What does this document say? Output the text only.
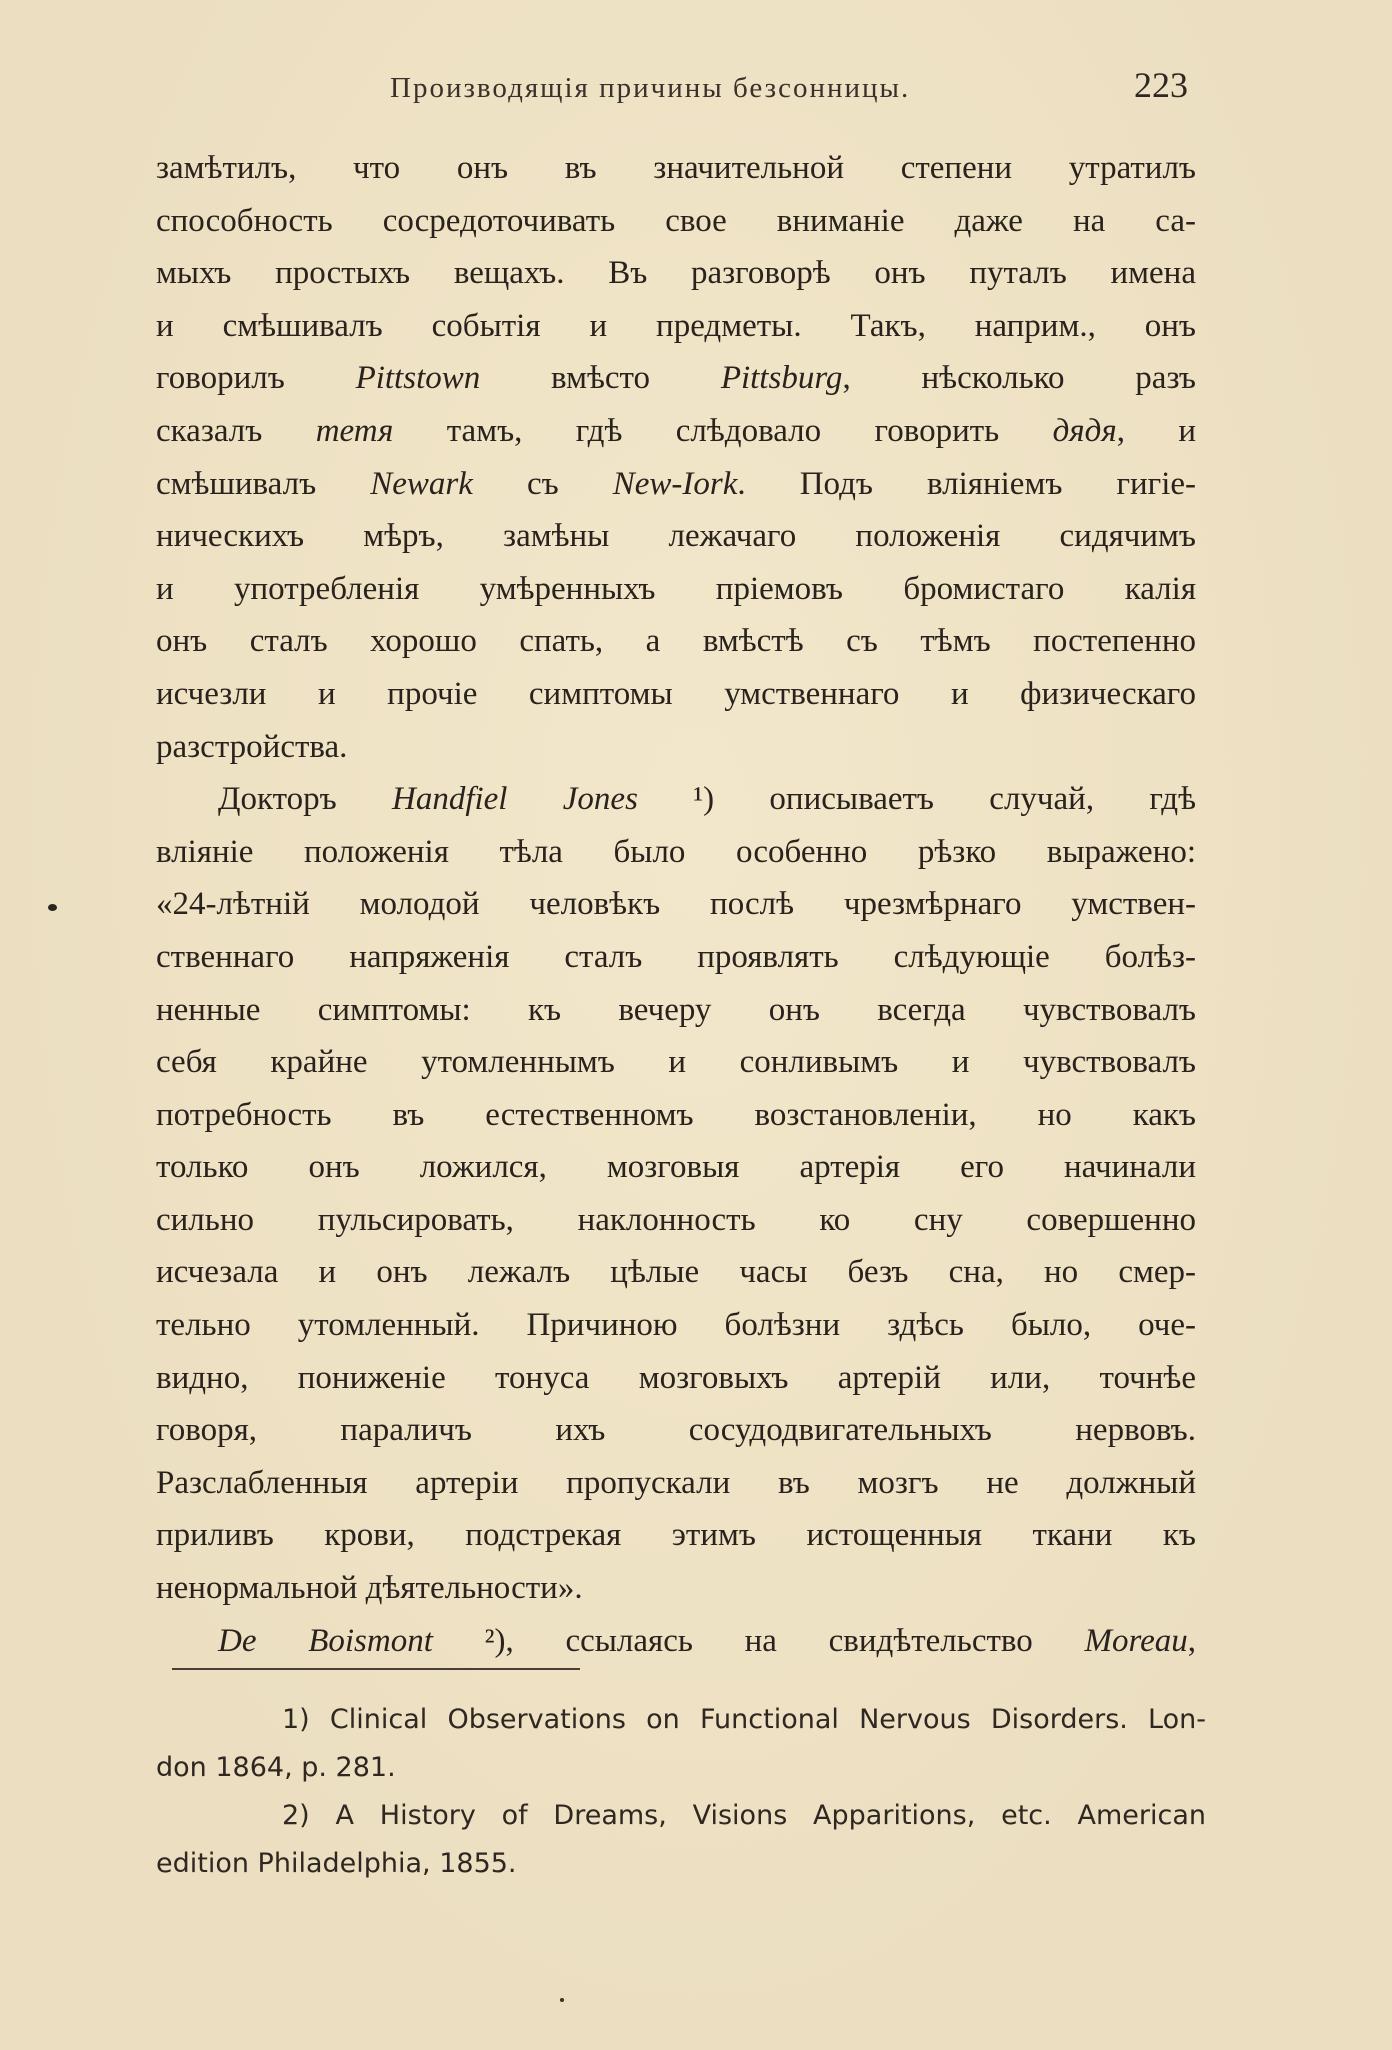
Производящія причины безсонницы.	223
замѣтилъ, что онъ въ значительной степени утратилъ
способность сосредоточивать свое вниманіе даже на са-
мыхъ простыхъ вещахъ. Въ разговорѣ онъ путалъ имена
и смѣшивалъ событія и предметы. Такъ, наприм., онъ
говорилъ Pittstown вмѣсто Pittsburg, нѣсколько разъ
сказалъ тетя тамъ, гдѣ слѣдовало говорить дядя, и
смѣшивалъ Newark съ New-Iork. Подъ вліяніемъ гигіе-
ническихъ мѣръ, замѣны лежачаго положенія сидячимъ
и употребленія умѣренныхъ пріемовъ бромистаго калія
онъ сталъ хорошо спать, а вмѣстѣ съ тѣмъ постепенно
исчезли и прочіе симптомы умственнаго и физическаго
разстройства.
Докторъ Handfiel Jones ¹) описываетъ случай, гдѣ
вліяніе положенія тѣла было особенно рѣзко выражено:
«24-лѣтній молодой человѣкъ послѣ чрезмѣрнаго умствен-
ственнаго напряженія сталъ проявлять слѣдующіе болѣз-
ненные симптомы: къ вечеру онъ всегда чувствовалъ
себя крайне утомленнымъ и сонливымъ и чувствовалъ
потребность въ естественномъ возстановленіи, но какъ
только онъ ложился, мозговыя артерія его начинали
сильно пульсировать, наклонность ко сну совершенно
исчезала и онъ лежалъ цѣлые часы безъ сна, но смер-
тельно утомленный. Причиною болѣзни здѣсь было, оче-
видно, пониженіе тонуса мозговыхъ артерій или, точнѣе
говоря, параличъ ихъ сосудодвигательныхъ нервовъ.
Разслабленныя артеріи пропускали въ мозгъ не должный
приливъ крови, подстрекая этимъ истощенныя ткани къ
ненормальной дѣятельности».
De Boismont ²), ссылаясь на свидѣтельство Moreau,
1) Clinical Observations on Functional Nervous Disorders. Lon-
don 1864, p. 281.
2) A History of Dreams, Visions Apparitions, etc. American
edition Philadelphia, 1855.
